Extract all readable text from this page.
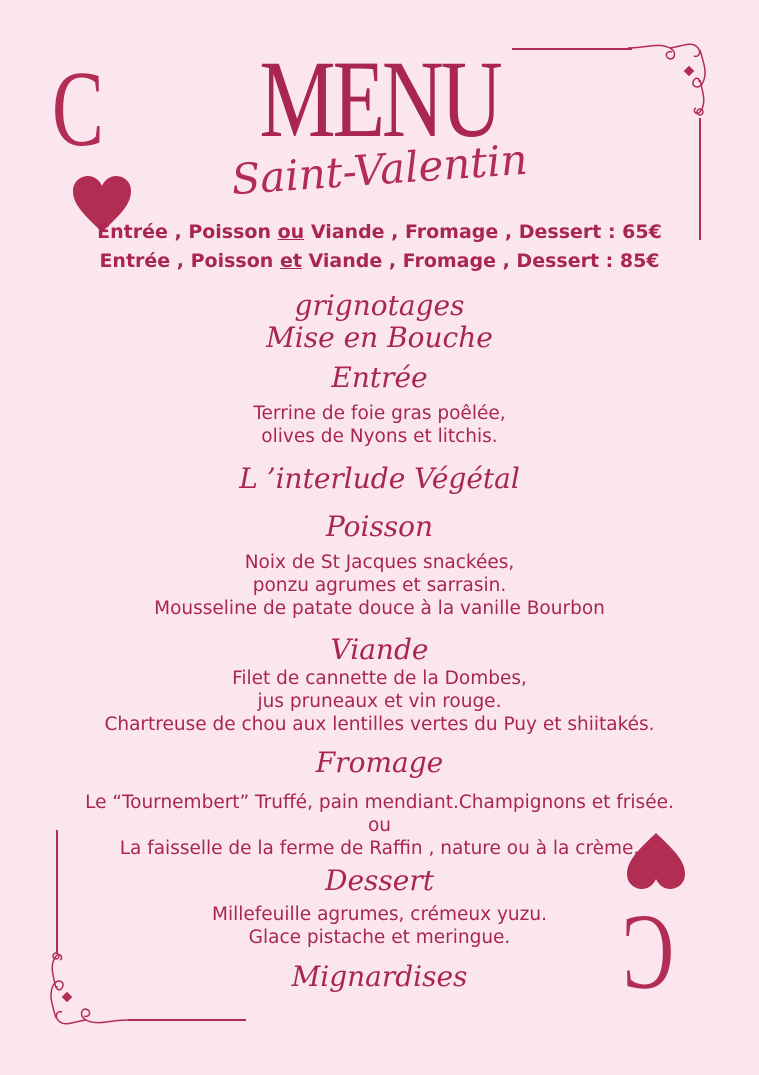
C
C
MENU
Saint-Valentin
Entrée , Poisson ou Viande , Fromage , Dessert : 65€
Entrée , Poisson et Viande , Fromage , Dessert : 85€
grignotages
Mise en Bouche
Entrée
Terrine de foie gras poêlée,
olives de Nyons et litchis.
L ’interlude Végétal
Poisson
Noix de St Jacques snackées,
ponzu agrumes et sarrasin.
Mousseline de patate douce à la vanille Bourbon
Viande
Filet de cannette de la Dombes,
jus pruneaux et vin rouge.
Chartreuse de chou aux lentilles vertes du Puy et shiitakés.
Fromage
Le “Tournembert” Truffé, pain mendiant.Champignons et frisée.
ou
La faisselle de la ferme de Raffin , nature ou à la crème.
Dessert
Millefeuille agrumes, crémeux yuzu.
Glace pistache et meringue.
Mignardises
